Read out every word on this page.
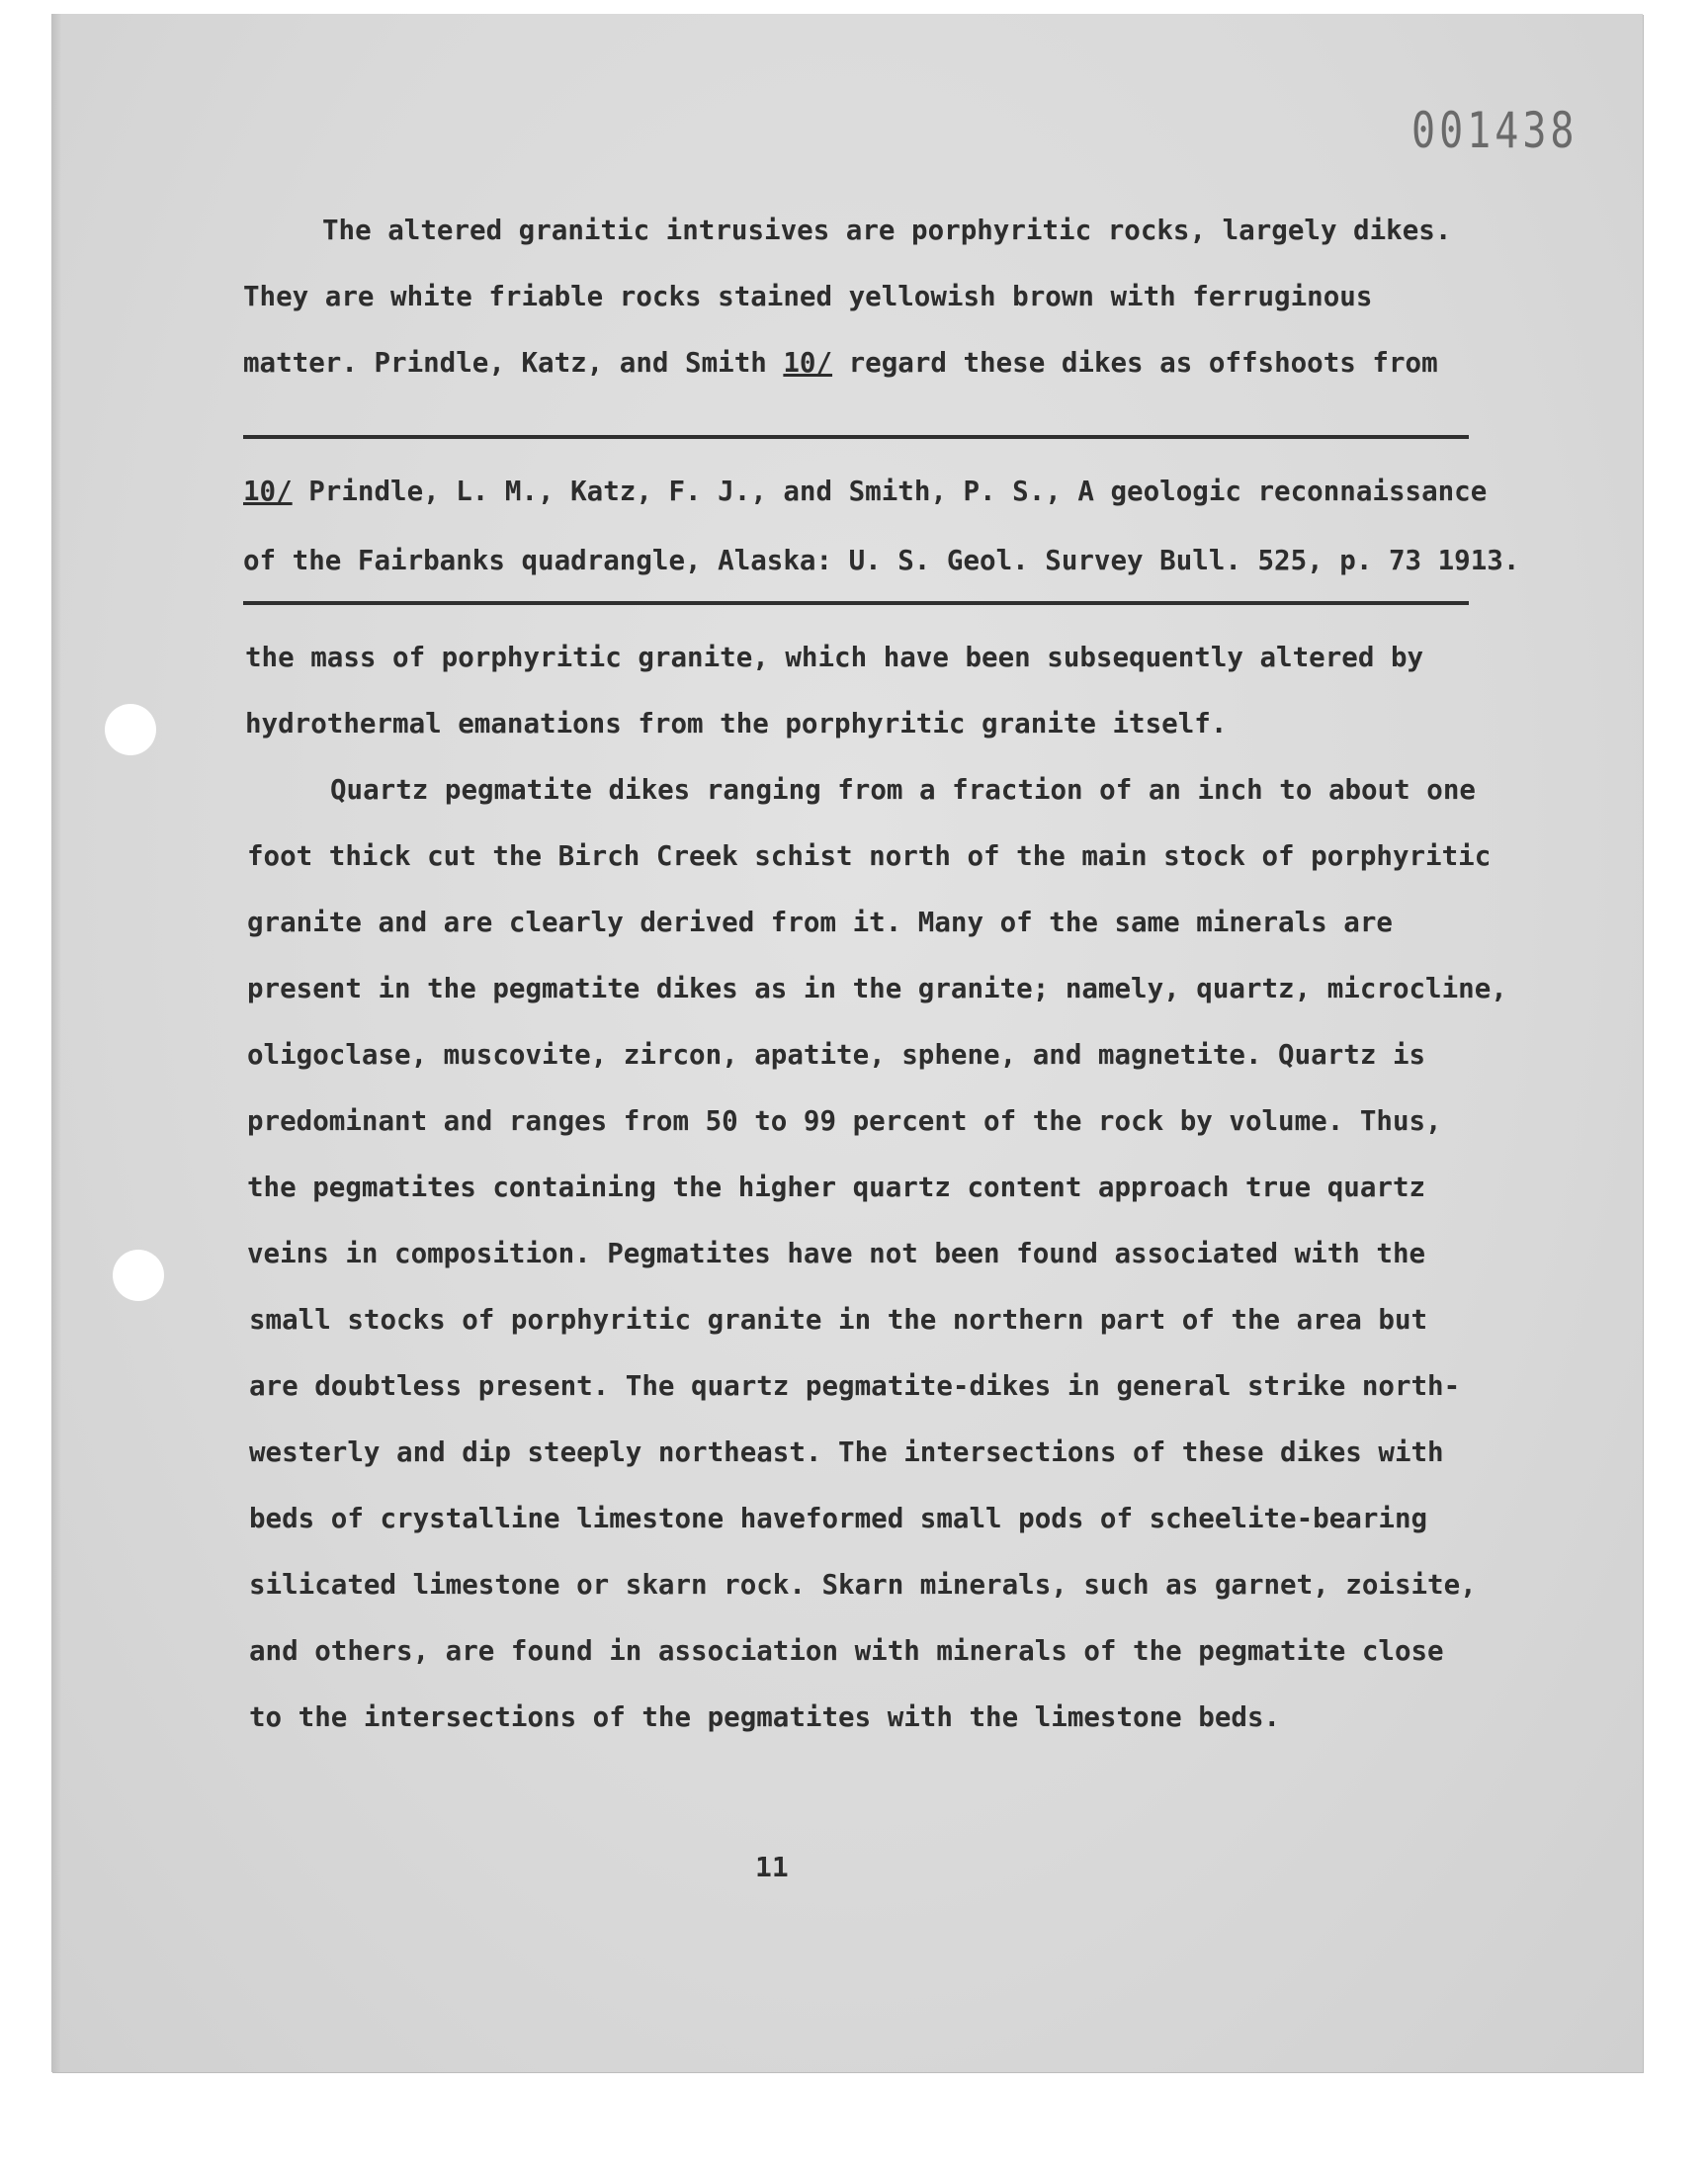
001438

The altered granitic intrusives are porphyritic rocks, largely dikes.

They are white friable rocks stained yellowish brown with ferruginous

matter. Prindle, Katz, and Smith 10/ regard these dikes as offshoots from

10/ Prindle, L. M., Katz, F. J., and Smith, P. S., A geologic reconnaissance

of the Fairbanks quadrangle, Alaska: U. S. Geol. Survey Bull. 525, p. 73 1913.

the mass of porphyritic granite, which have been subsequently altered by

hydrothermal emanations from the porphyritic granite itself.

Quartz pegmatite dikes ranging from a fraction of an inch to about one

foot thick cut the Birch Creek schist north of the main stock of porphyritic

granite and are clearly derived from it. Many of the same minerals are

present in the pegmatite dikes as in the granite; namely, quartz, microcline,

oligoclase, muscovite, zircon, apatite, sphene, and magnetite. Quartz is

predominant and ranges from 50 to 99 percent of the rock by volume. Thus,

the pegmatites containing the higher quartz content approach true quartz

veins in composition. Pegmatites have not been found associated with the

small stocks of porphyritic granite in the northern part of the area but

are doubtless present. The quartz pegmatite-dikes in general strike north-

westerly and dip steeply northeast. The intersections of these dikes with

beds of crystalline limestone haveformed small pods of scheelite-bearing

silicated limestone or skarn rock. Skarn minerals, such as garnet, zoisite,

and others, are found in association with minerals of the pegmatite close

to the intersections of the pegmatites with the limestone beds.

11
